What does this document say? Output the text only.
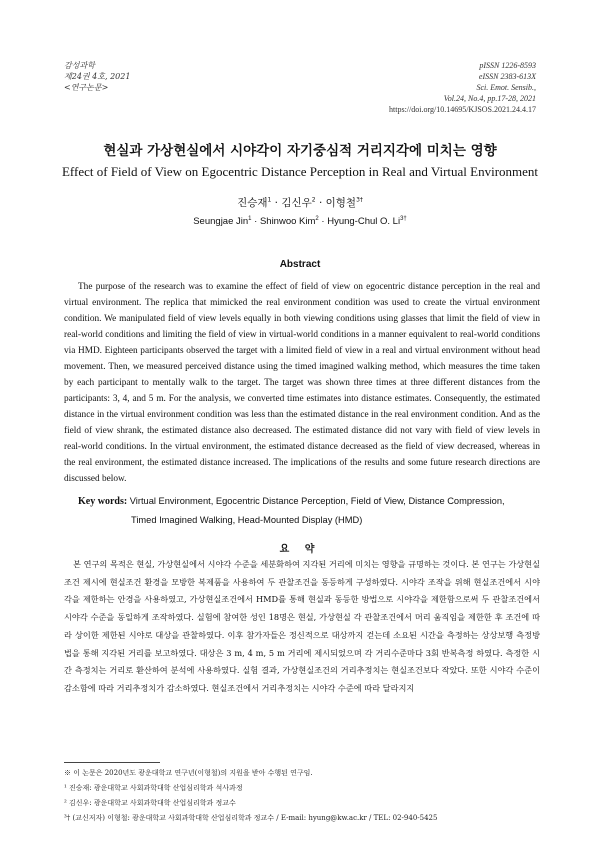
감성과학
제24권 4호, 2021
<연구논문>
pISSN 1226-8593
eISSN 2383-613X
Sci. Emot. Sensib.,
Vol.24, No.4, pp.17-28, 2021
https://doi.org/10.14695/KJSOS.2021.24.4.17
현실과 가상현실에서 시야각이 자기중심적 거리지각에 미치는 영향
Effect of Field of View on Egocentric Distance Perception in Real and Virtual Environment
진승재$^1$ · 김신우$^2$ · 이형철$^{3\dagger}$
Seungjae Jin$^1$ · Shinwoo Kim$^2$ · Hyung-Chul O. $Li^{3\dagger}$
Abstract

The purpose of the research was to examine the effect of field of view on egocentric distance perception in the real and virtual environment. The replica that mimicked the real environment condition was used to create the virtual environment condition. We manipulated field of view levels equally in both viewing conditions using glasses that limit the field of view in real-world conditions and limiting the field of view in virtual-world conditions in a manner equivalent to real-world conditions via HMD. Eighteen participants observed the target with a limited field of view in a real and virtual environment without head movement. Then, we measured perceived distance using the timed imagined walking method, which measures the time taken by each participant to mentally walk to the target. The target was shown three times at three different distances from the participants: 3, 4, and 5 m. For the analysis, we converted time estimates into distance estimates. Consequently, the estimated distance in the virtual environment condition was less than the estimated distance in the real environment condition. And as the field of view shrank, the estimated distance also decreased. The estimated distance did not vary with field of view levels in real-world conditions. In the virtual environment, the estimated distance decreased as the field of view decreased, whereas in the real environment, the estimated distance increased. The implications of the results and some future research directions are discussed below.

Key words: Virtual Environment, Egocentric Distance Perception, Field of View, Distance Compression,
Timed Imagined Walking, Head-Mounted Display (HMD)
요 약

본 연구의 목적은 현실, 가상현실에서 시야각 수준을 세분화하여 지각된 거리에 미치는 영향을 규명하는 것이다. 본 연구는 가상현실조건 제시에 현실조건 환경을 모방한 복제품을 사용하여 두 관찰조건을 동등하게 구성하였다. 시야각 조작을 위해 현실조건에서 시야각을 제한하는 안경을 사용하였고, 가상현실조건에서 HMD를 통해 현실과 동등한 방법으로 시야각을 제한함으로써 두 관찰조건에서 시야각 수준을 동일하게 조작하였다. 실험에 참여한 성인 18명은 현실, 가상현실 각 관찰조건에서 머리 움직임을 제한한 후 조건에 따라 상이한 제한된 시야로 대상을 관찰하였다. 이후 참가자들은 정신적으로 대상까지 걷는데 소요된 시간을 측정하는 상상보행 측정방법을 통해 지각된 거리를 보고하였다. 대상은 3 m, 4 m, 5 m 거리에 제시되었으며 각 거리수준마다 3회 반복측정 하였다. 측정한 시간 측정치는 거리로 환산하여 분석에 사용하였다. 실험 결과, 가상현실조건의 거리추정치는 현실조건보다 작았다. 또한 시야각 수준이 감소함에 따라 거리추정치가 감소하였다. 현실조건에서 거리추정치는 시야각 수준에 따라 달라지지

※ 이 논문은 2020년도 광운대학교 연구년(이형철)의 지원을 받아 수행된 연구임.
¹ 진승재: 광운대학교 사회과학대학 산업심리학과 석사과정
² 김신우: 광운대학교 사회과학대학 산업심리학과 정교수
³† (교신저자) 이형철: 광운대학교 사회과학대학 산업심리학과 정교수 / E-mail: hyung@kw.ac.kr / TEL: 02-940-5425
